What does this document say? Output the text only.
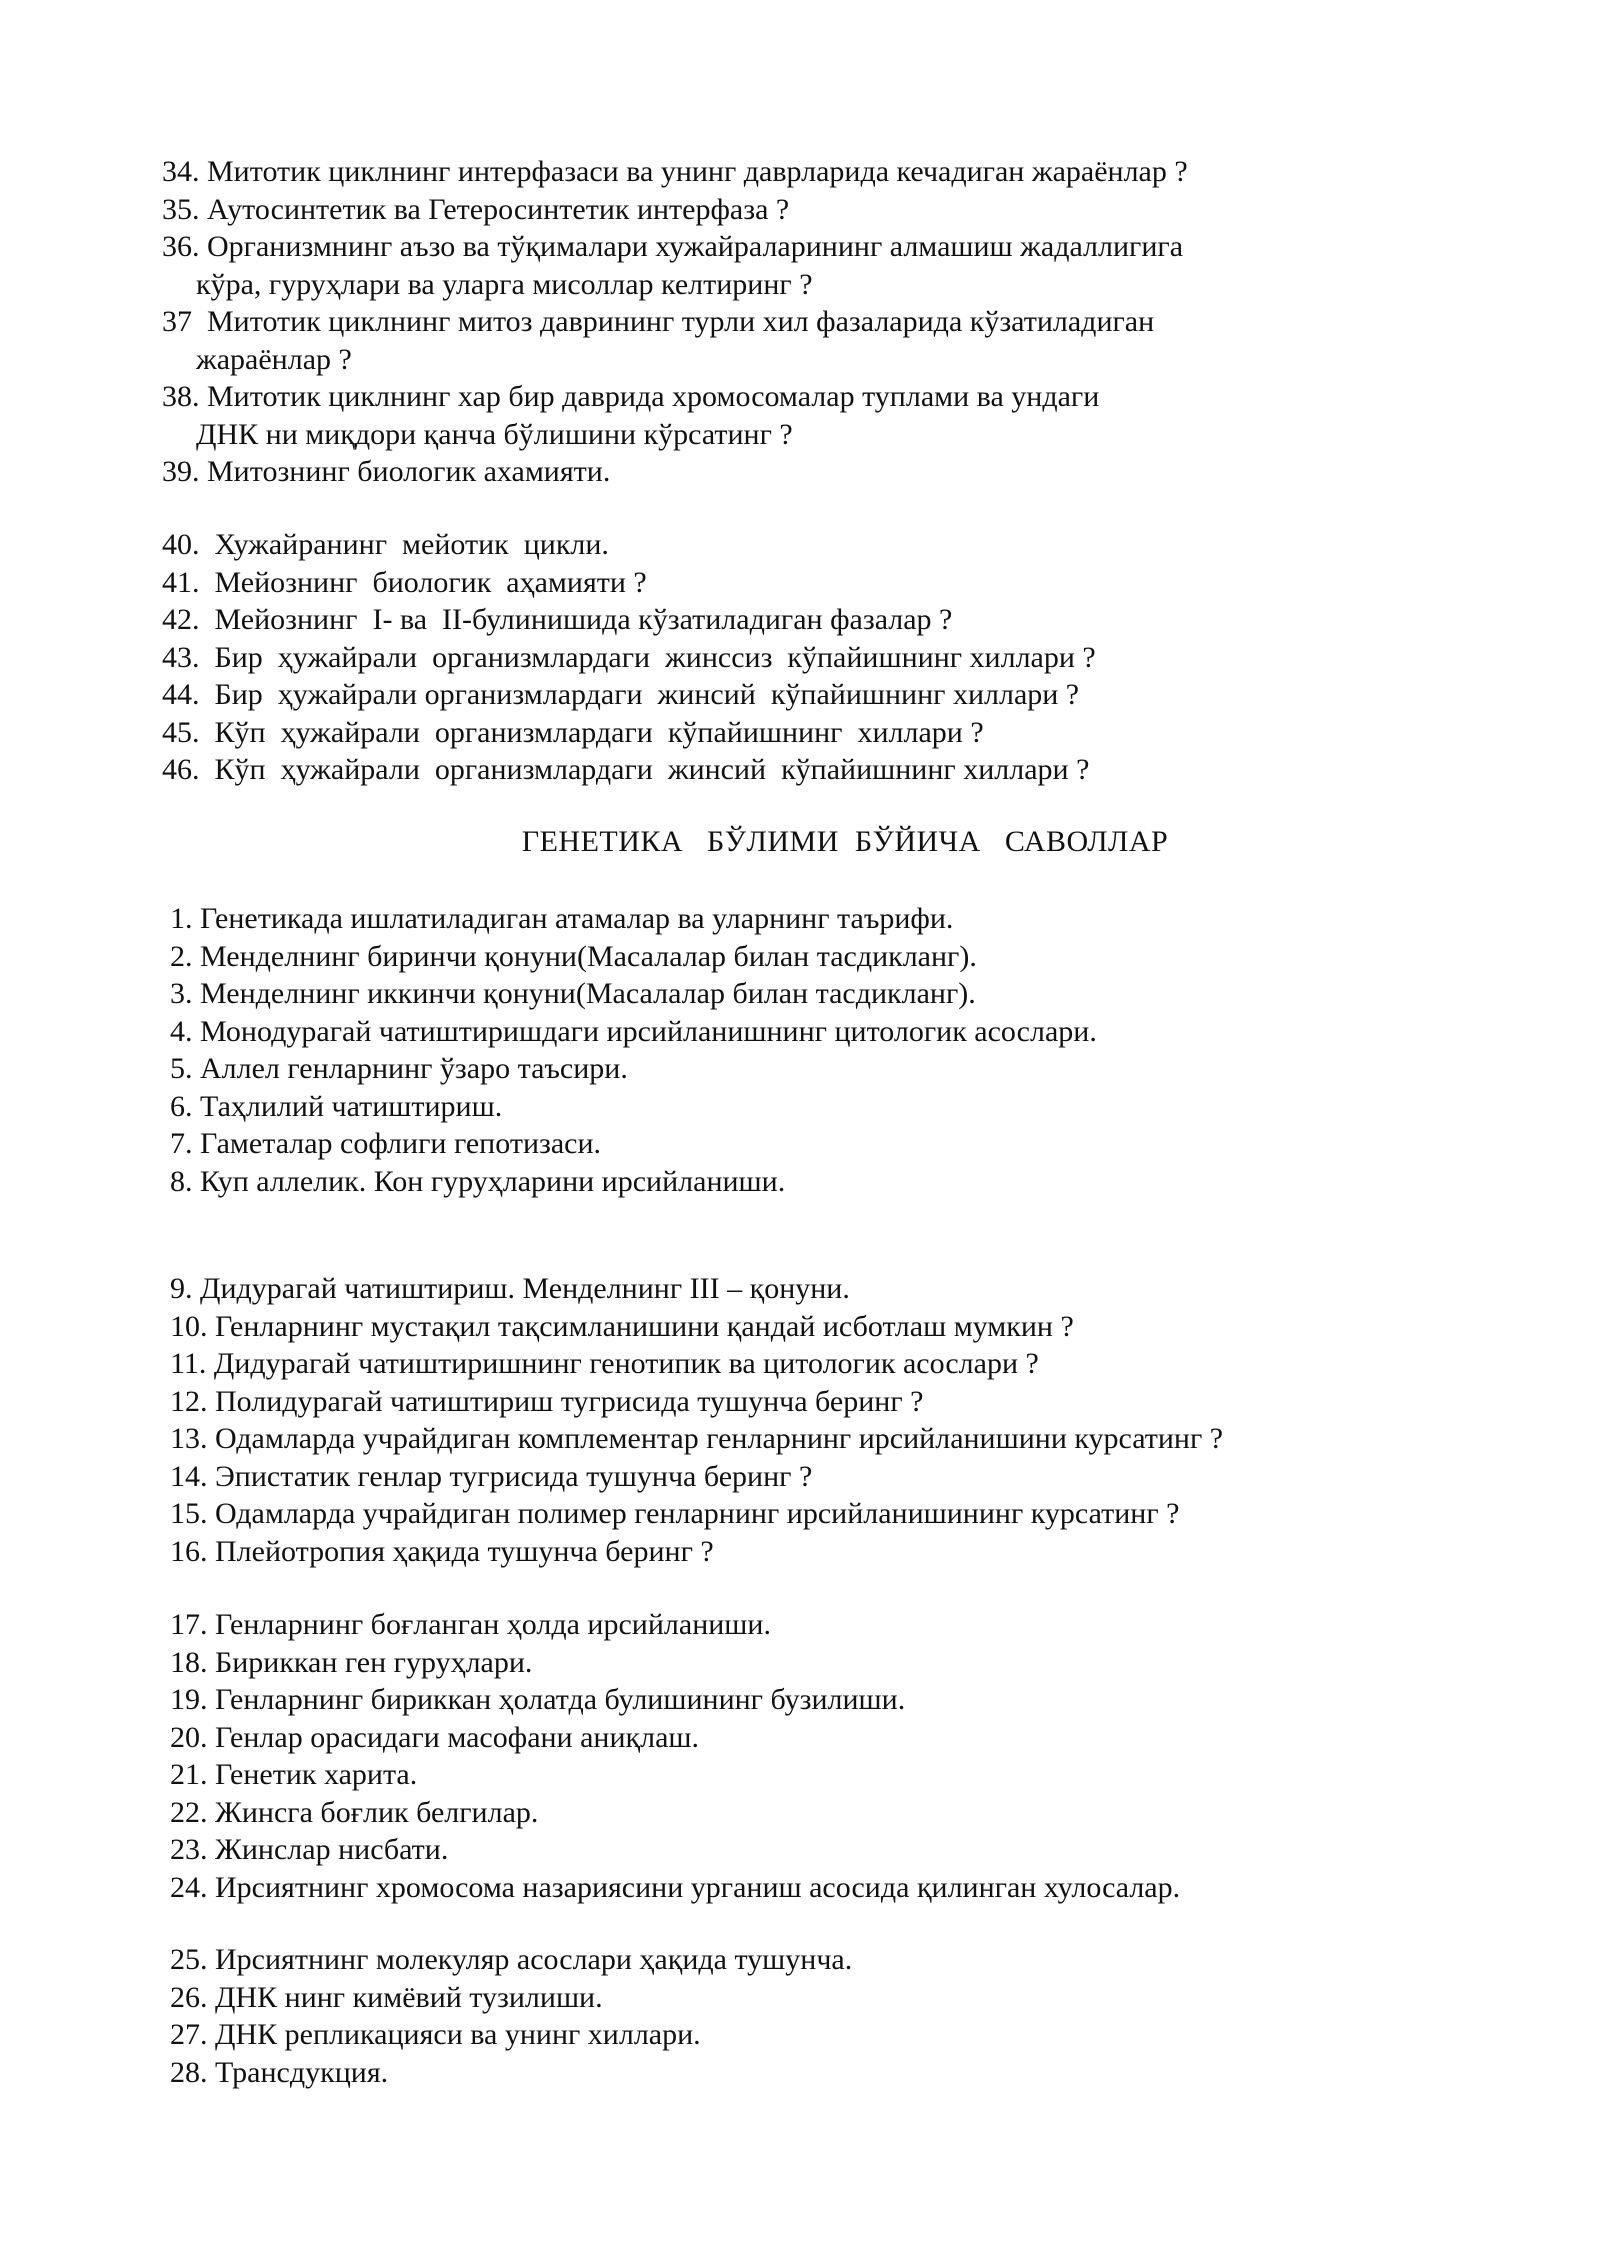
34. Митотик циклнинг интерфазаси ва унинг даврларида кечадиган жараёнлар ?
35. Аутосинтетик ва Гетеросинтетик интерфаза ?
36. Организмнинг аъзо ва тўқималари хужайраларининг алмашиш жадаллигига
кўра, гуруҳлари ва уларга мисоллар келтиринг ?
37  Митотик циклнинг митоз даврининг турли хил фазаларида кўзатиладиган
жараёнлар ?
38. Митотик циклнинг хар бир даврида хромосомалар туплами ва ундаги
ДНК ни миқдори қанча бўлишини кўрсатинг ?
39. Митознинг биологик ахамияти.
40.  Хужайранинг  мейотик  цикли.
41.  Мейознинг  биологик  аҳамияти ?
42.  Мейознинг  I- ва  II-булинишида кўзатиладиган фазалар ?
43.  Бир  ҳужайрали  организмлардаги  жинссиз  кўпайишнинг хиллари ?
44.  Бир  ҳужайрали организмлардаги  жинсий  кўпайишнинг хиллари ?
45.  Кўп  ҳужайрали  организмлардаги  кўпайишнинг  хиллари ?
46.  Кўп  ҳужайрали  организмлардаги  жинсий  кўпайишнинг хиллари ?
ГЕНЕТИКА   БЎЛИМИ  БЎЙИЧА   САВОЛЛАР
1. Генетикада ишлатиладиган атамалар ва уларнинг таърифи.
2. Менделнинг биринчи қонуни(Масалалар билан тасдикланг).
3. Менделнинг иккинчи қонуни(Масалалар билан тасдикланг).
4. Монодурагай чатиштиришдаги ирсийланишнинг цитологик асослари.
5. Аллел генларнинг ўзаро таъсири.
6. Таҳлилий чатиштириш.
7. Гаметалар софлиги гепотизаси.
8. Куп аллелик. Кон гуруҳларини ирсийланиши.
9. Дидурагай чатиштириш. Менделнинг III – қонуни.
10. Генларнинг мустақил тақсимланишини қандай исботлаш мумкин ?
11. Дидурагай чатиштиришнинг генотипик ва цитологик асослари ?
12. Полидурагай чатиштириш тугрисида тушунча беринг ?
13. Одамларда учрайдиган комплементар генларнинг ирсийланишини курсатинг ?
14. Эпистатик генлар тугрисида тушунча беринг ?
15. Одамларда учрайдиган полимер генларнинг ирсийланишининг курсатинг ?
16. Плейотропия ҳақида тушунча беринг ?
17. Генларнинг боғланган ҳолда ирсийланиши.
18. Бириккан ген гуруҳлари.
19. Генларнинг бириккан ҳолатда булишининг бузилиши.
20. Генлар орасидаги масофани аниқлаш.
21. Генетик харита.
22. Жинсга боғлик белгилар.
23. Жинслар нисбати.
24. Ирсиятнинг хромосома назариясини урганиш асосида қилинган хулосалар.
25. Ирсиятнинг молекуляр асослари ҳақида тушунча.
26. ДНК нинг кимёвий тузилиши.
27. ДНК репликацияси ва унинг хиллари.
28. Трансдукция.
